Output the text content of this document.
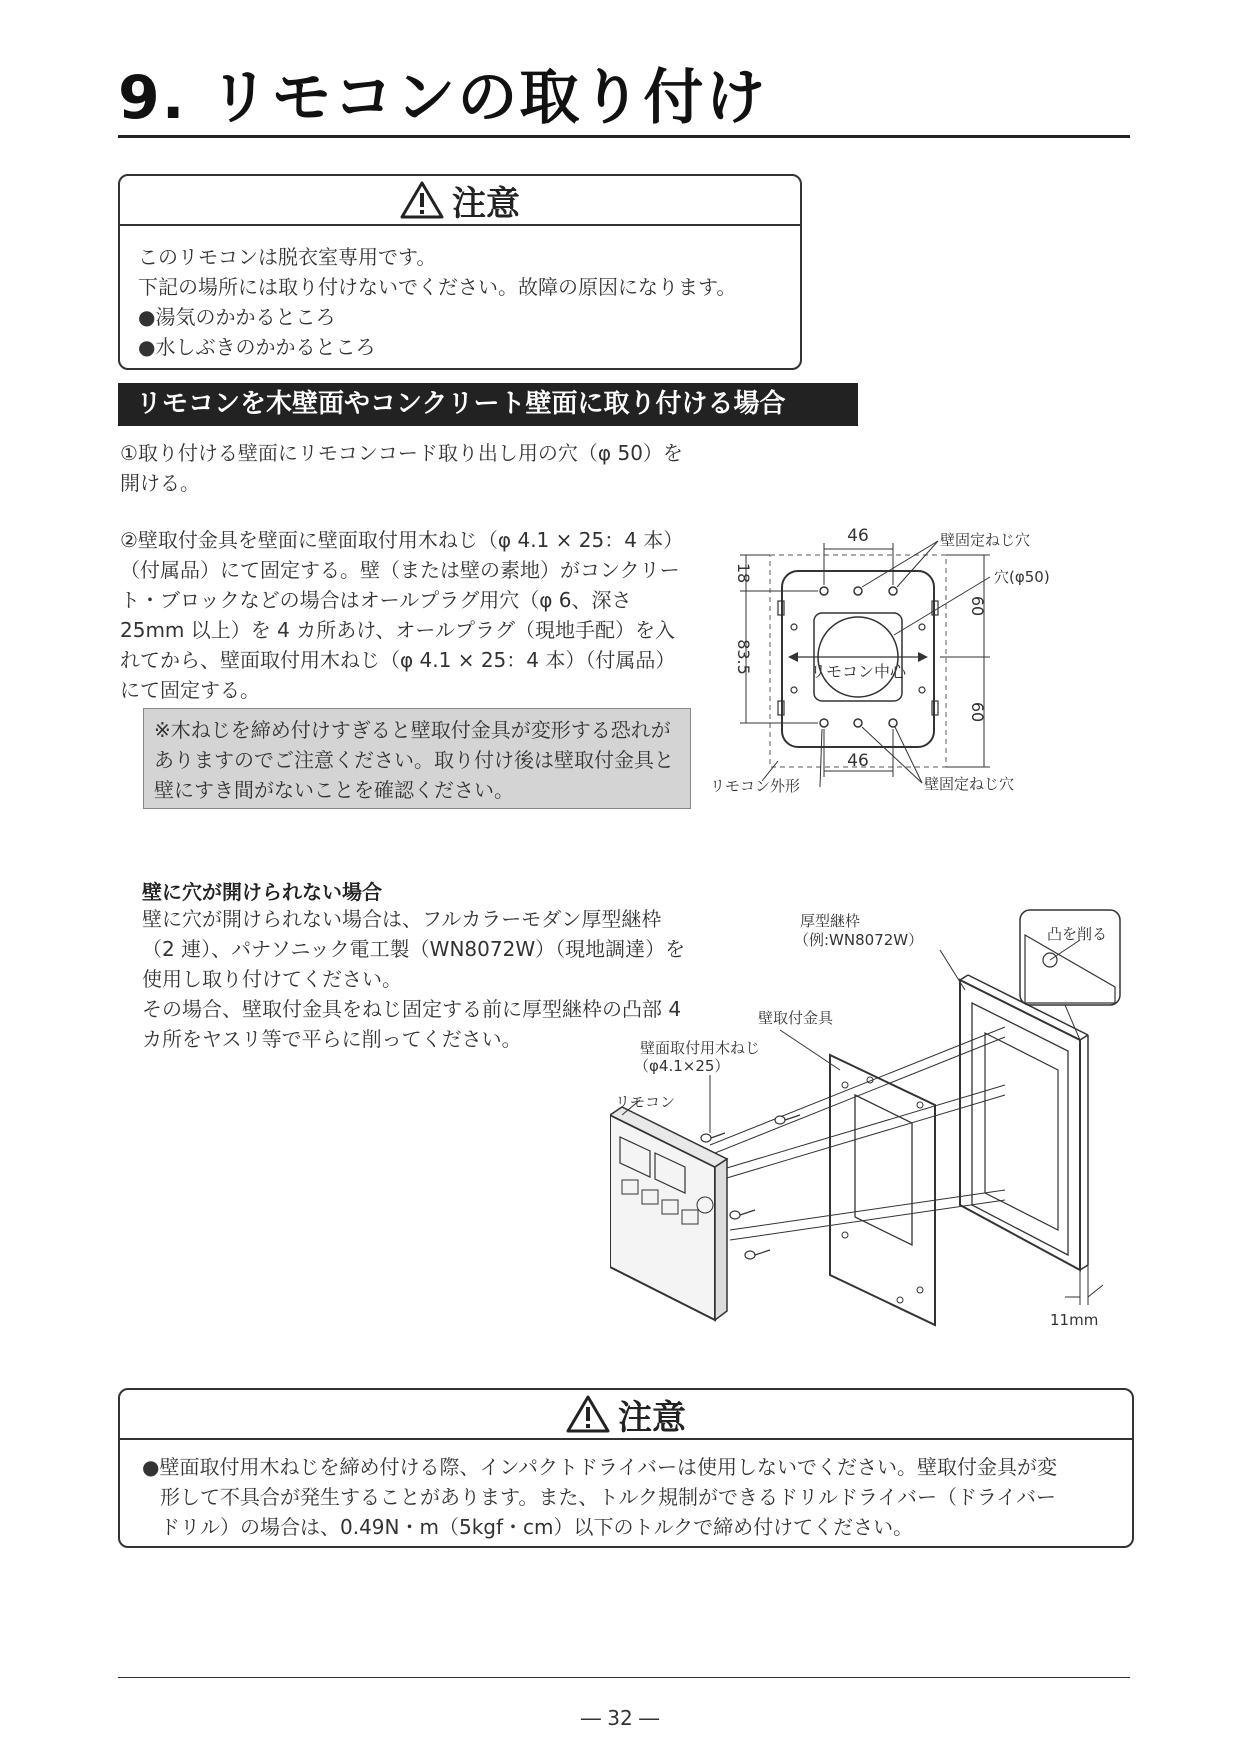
9. リモコンの取り付け
注意
このリモコンは脱衣室専用です。
下記の場所には取り付けないでください。故障の原因になります。
●湯気のかかるところ
●水しぶきのかかるところ
リモコンを木壁面やコンクリート壁面に取り付ける場合
①取り付ける壁面にリモコンコード取り出し用の穴（φ 50）を開ける。
②壁取付金具を壁面に壁面取付用木ねじ（φ 4.1 × 25：4 本）（付属品）にて固定する。壁（または壁の素地）がコンクリート・ブロックなどの場合はオールプラグ用穴（φ 6、深さ 25mm 以上）を 4 カ所あけ、オールプラグ（現地手配）を入れてから、壁面取付用木ねじ（φ 4.1 × 25：4 本）（付属品）にて固定する。
※木ねじを締め付けすぎると壁取付金具が変形する恐れがありますのでご注意ください。取り付け後は壁取付金具と壁にすき間がないことを確認ください。
46
46
18
83.5
60
60
壁固定ねじ穴
穴(φ50)
リモコン中心
リモコン外形	壁固定ねじ穴
壁に穴が開けられない場合
壁に穴が開けられない場合は、フルカラーモダン厚型継枠（2 連）、パナソニック電工製（WN8072W）（現地調達）を使用し取り付けてください。
その場合、壁取付金具をねじ固定する前に厚型継枠の凸部 4 カ所をヤスリ等で平らに削ってください。
11mm
凸を削る
厚型継枠
（例:WN8072W）
壁取付金具
壁面取付用木ねじ
（φ4.1×25）
リモコン
注意
●壁面取付用木ねじを締め付ける際、インパクトドライバーは使用しないでください。壁取付金具が変
形して不具合が発生することがあります。また、トルク規制ができるドリルドライバー（ドライバー
ドリル）の場合は、0.49N・m（5kgf・cm）以下のトルクで締め付けてください。
― 32 ―
